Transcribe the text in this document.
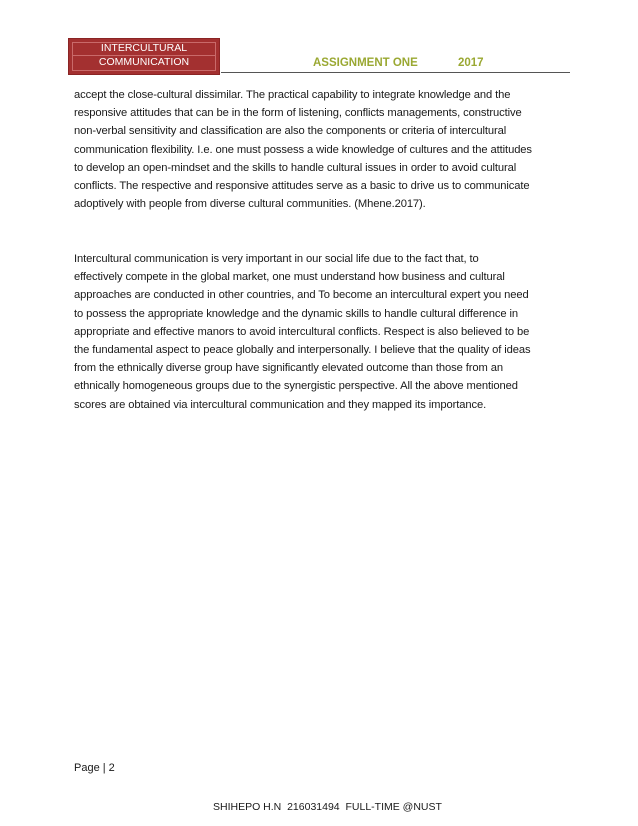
INTERCULTURAL
COMMUNICATION	ASSIGNMENT ONE	2017

accept the close-cultural dissimilar. The practical capability to integrate knowledge and the
responsive attitudes that can be in the form of listening, conflicts managements, constructive
non-verbal sensitivity and classification are also the components or criteria of intercultural
communication flexibility. I.e. one must possess a wide knowledge of cultures and the attitudes
to develop an open-mindset and the skills to handle cultural issues in order to avoid cultural
conflicts. The respective and responsive attitudes serve as a basic to drive us to communicate
adoptively with people from diverse cultural communities. (Mhene.2017).

Intercultural communication is very important in our social life due to the fact that, to
effectively compete in the global market, one must understand how business and cultural
approaches are conducted in other countries, and To become an intercultural expert you need
to possess the appropriate knowledge and the dynamic skills to handle cultural difference in
appropriate and effective manors to avoid intercultural conflicts. Respect is also believed to be
the fundamental aspect to peace globally and interpersonally. I believe that the quality of ideas
from the ethnically diverse group have significantly elevated outcome than those from an
ethnically homogeneous groups due to the synergistic perspective. All the above mentioned
scores are obtained via intercultural communication and they mapped its importance.

Page | 2
SHIHEPO H.N  216031494  FULL-TIME @NUST
